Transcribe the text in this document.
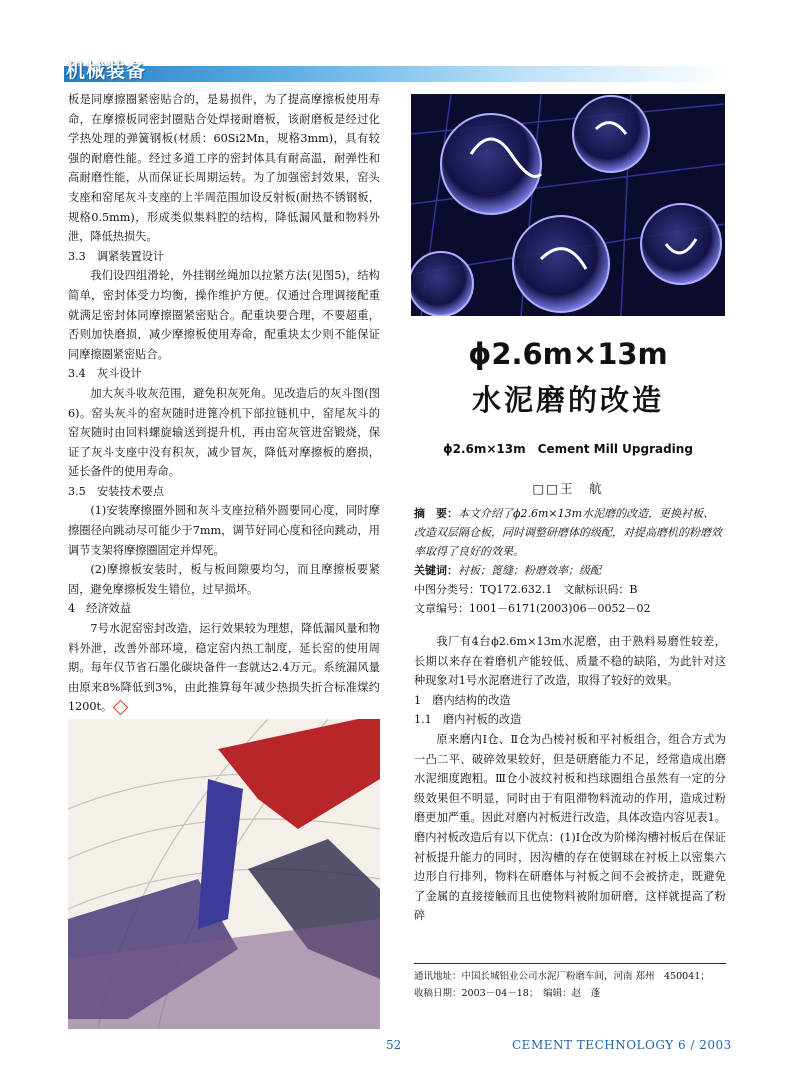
机械装备

板是同摩擦圈紧密贴合的，是易损件，为了提高摩擦板使用寿命，在摩擦板同密封圈贴合处焊接耐磨板，该耐磨板是经过化学热处理的弹簧钢板(材质：60Si2Mn，规格3mm)，具有较强的耐磨性能。经过多道工序的密封体具有耐高温，耐弹性和高耐磨性能，从而保证长周期运转。为了加强密封效果，窑头支座和窑尾灰斗支座的上半周范围加设反射板(耐热不锈钢板，规格0.5mm)，形成类似集料腔的结构，降低漏风量和物料外泄，降低热损失。

3.3　调紧装置设计

我们设四组滑轮，外挂钢丝绳加以拉紧方法(见图5)，结构简单，密封体受力均衡，操作维护方便。仅通过合理调接配重就满足密封体同摩擦圈紧密贴合。配重块要合理，不要超重，否则加快磨损，减少摩擦板使用寿命，配重块太少则不能保证同摩擦圈紧密贴合。

3.4　灰斗设计

加大灰斗收灰范围，避免积灰死角。见改造后的灰斗图(图6)。窑头灰斗的窑灰随时进篦冷机下部拉链机中，窑尾灰斗的窑灰随时由回料螺旋输送到提升机，再由窑灰管进窑锻烧，保证了灰斗支座中没有积灰，减少冒灰，降低对摩擦板的磨损，延长备件的使用寿命。

3.5　安装技术要点

(1)安装摩擦圈外圆和灰斗支座拉稍外圆要同心度，同时摩擦圈径向跳动尽可能少于7mm，调节好同心度和径向跳动，用调节支架将摩擦圈固定并焊死。

(2)摩擦板安装时，板与板间隙要均匀，而且摩擦板要紧固，避免摩擦板发生错位，过早损坏。

4　经济效益

7号水泥窑密封改造，运行效果较为理想，降低漏风量和物料外泄，改善外部环境，稳定窑内热工制度，延长窑的使用周期。每年仅节省石墨化碳块备件一套就达2.4万元。系统漏风量由原来8%降低到3%，由此推算每年减少热损失折合标准煤约1200t。

ϕ2.6m×13m
水泥磨的改造
ϕ2.6m×13m　Cement Mill Upgrading
□□王　航

摘　要：本文介绍了ϕ2.6m×13m水泥磨的改造，更换衬板、改造双层隔仓板，同时调整研磨体的级配，对提高磨机的粉磨效率取得了良好的效果。

关键词：衬板；篦缝；粉磨效率；级配

中图分类号：TQ172.632.1　文献标识码：B

文章编号：1001－6171(2003)06－0052－02

我厂有4台ϕ2.6m×13m水泥磨，由于熟料易磨性较差，长期以来存在着磨机产能较低、质量不稳的缺陷，为此针对这种现象对1号水泥磨进行了改造，取得了较好的效果。

1　磨内结构的改造

1.1　磨内衬板的改造

原来磨内Ⅰ仓、Ⅱ仓为凸棱衬板和平衬板组合，组合方式为一凸二平、破碎效果较好，但是研磨能力不足，经常造成出磨水泥细度跑粗。Ⅲ仓小波纹衬板和挡球圈组合虽然有一定的分级效果但不明显，同时由于有阻滞物料流动的作用，造成过粉磨更加严重。因此对磨内衬板进行改造，具体改造内容见表1。磨内衬板改造后有以下优点：(1)Ⅰ仓改为阶梯沟槽衬板后在保证衬板提升能力的同时，因沟槽的存在使钢球在衬板上以密集六边形自行排列，物料在研磨体与衬板之间不会被挤走，既避免了金属的直接接触而且也使物料被附加研磨，这样就提高了粉碎

通讯地址：中国长城铝业公司水泥厂粉磨车间，河南 郑州　450041；

收稿日期：2003－04－18；　编辑：赵　蓬

52	CEMENT TECHNOLOGY 6 / 2003
